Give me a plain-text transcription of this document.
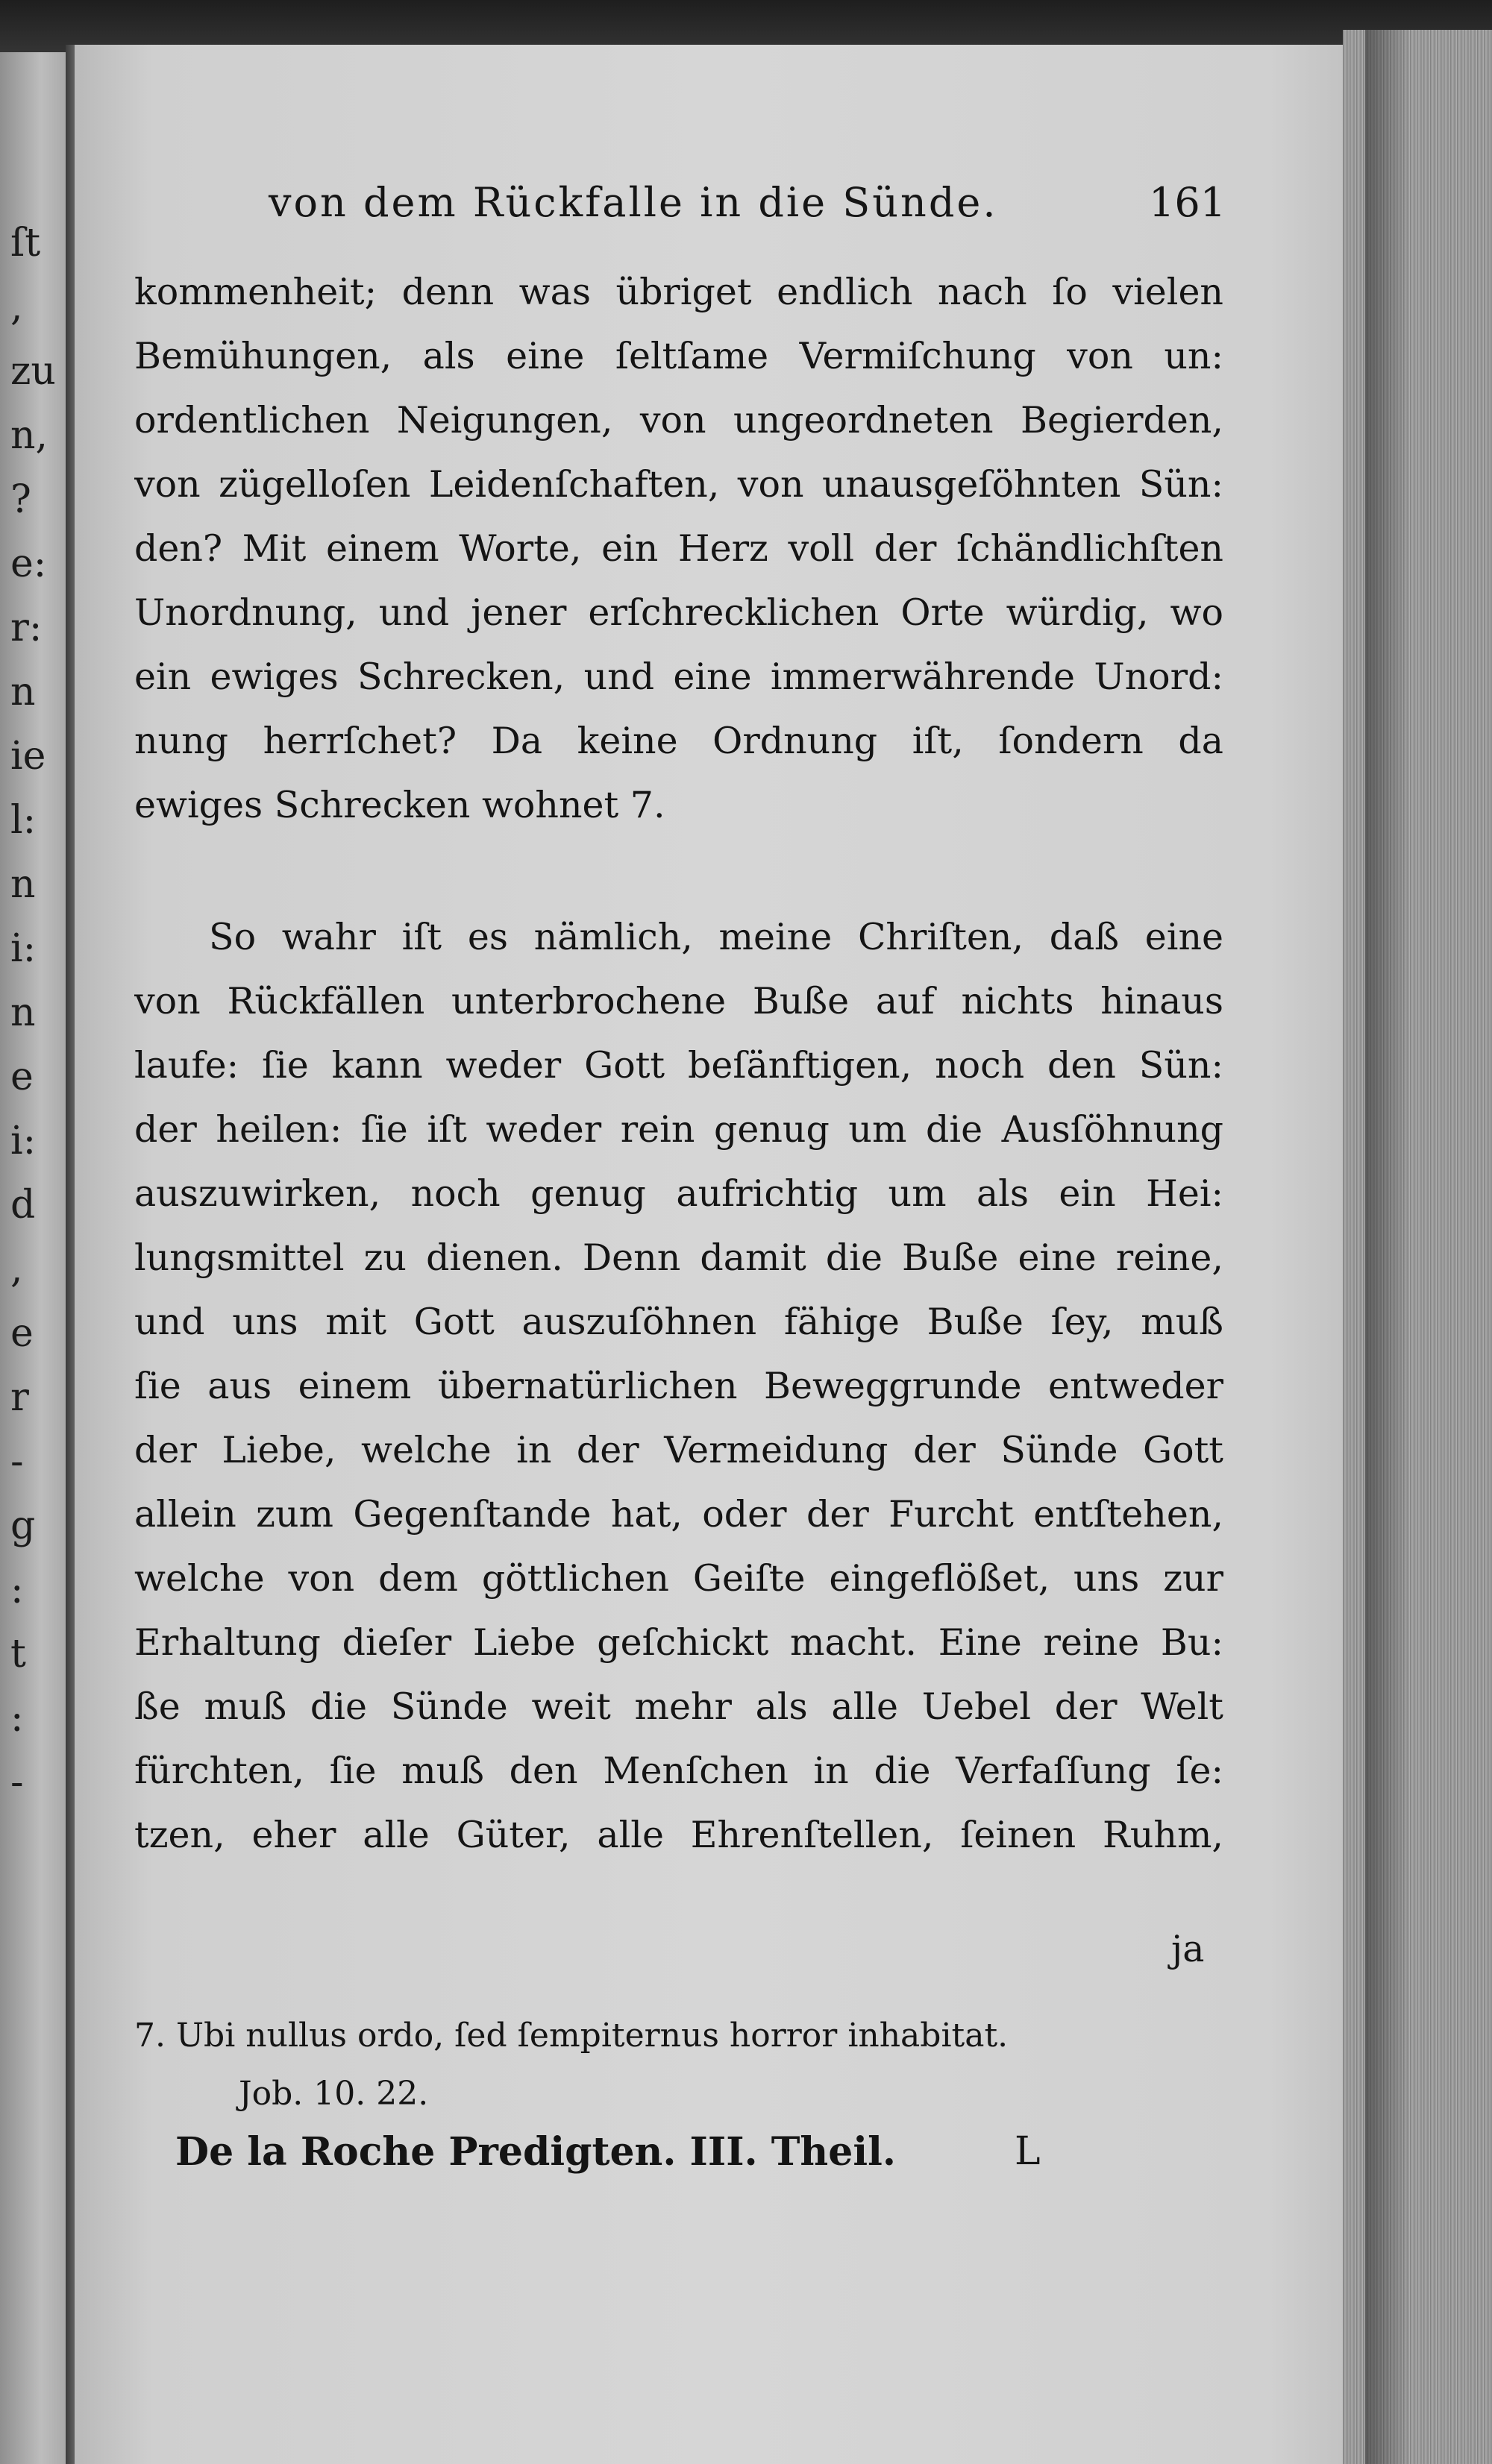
ſt
,
zu
n,
?
e:
r:
n
ie
l:
n
i:
n
e
i:
d
,
e
r
-
g
:
t
:
-
von dem Rückfalle in die Sünde.	161
kommenheit; denn was übriget endlich nach ſo vielen
Bemühungen, als eine ſeltſame Vermiſchung von un:
ordentlichen Neigungen, von ungeordneten Begierden,
von zügelloſen Leidenſchaften, von unausgeſöhnten Sün:
den? Mit einem Worte, ein Herz voll der ſchändlichſten
Unordnung, und jener erſchrecklichen Orte würdig, wo
ein ewiges Schrecken, und eine immerwährende Unord:
nung herrſchet? Da keine Ordnung iſt, ſondern da
ewiges Schrecken wohnet 7.
So wahr iſt es nämlich, meine Chriſten, daß eine
von Rückfällen unterbrochene Buße auf nichts hinaus
laufe: ſie kann weder Gott beſänftigen, noch den Sün:
der heilen: ſie iſt weder rein genug um die Ausſöhnung
auszuwirken, noch genug aufrichtig um als ein Hei:
lungsmittel zu dienen. Denn damit die Buße eine reine,
und uns mit Gott auszuſöhnen fähige Buße ſey, muß
ſie aus einem übernatürlichen Beweggrunde entweder
der Liebe, welche in der Vermeidung der Sünde Gott
allein zum Gegenſtande hat, oder der Furcht entſtehen,
welche von dem göttlichen Geiſte eingeflößet, uns zur
Erhaltung dieſer Liebe geſchickt macht. Eine reine Bu:
ße muß die Sünde weit mehr als alle Uebel der Welt
fürchten, ſie muß den Menſchen in die Verfaſſung ſe:
tzen, eher alle Güter, alle Ehrenſtellen, ſeinen Ruhm,
ja
7. Ubi nullus ordo, ſed ſempiternus horror inhabitat.
Job. 10. 22.
De la Roche Predigten. III. Theil.	L
